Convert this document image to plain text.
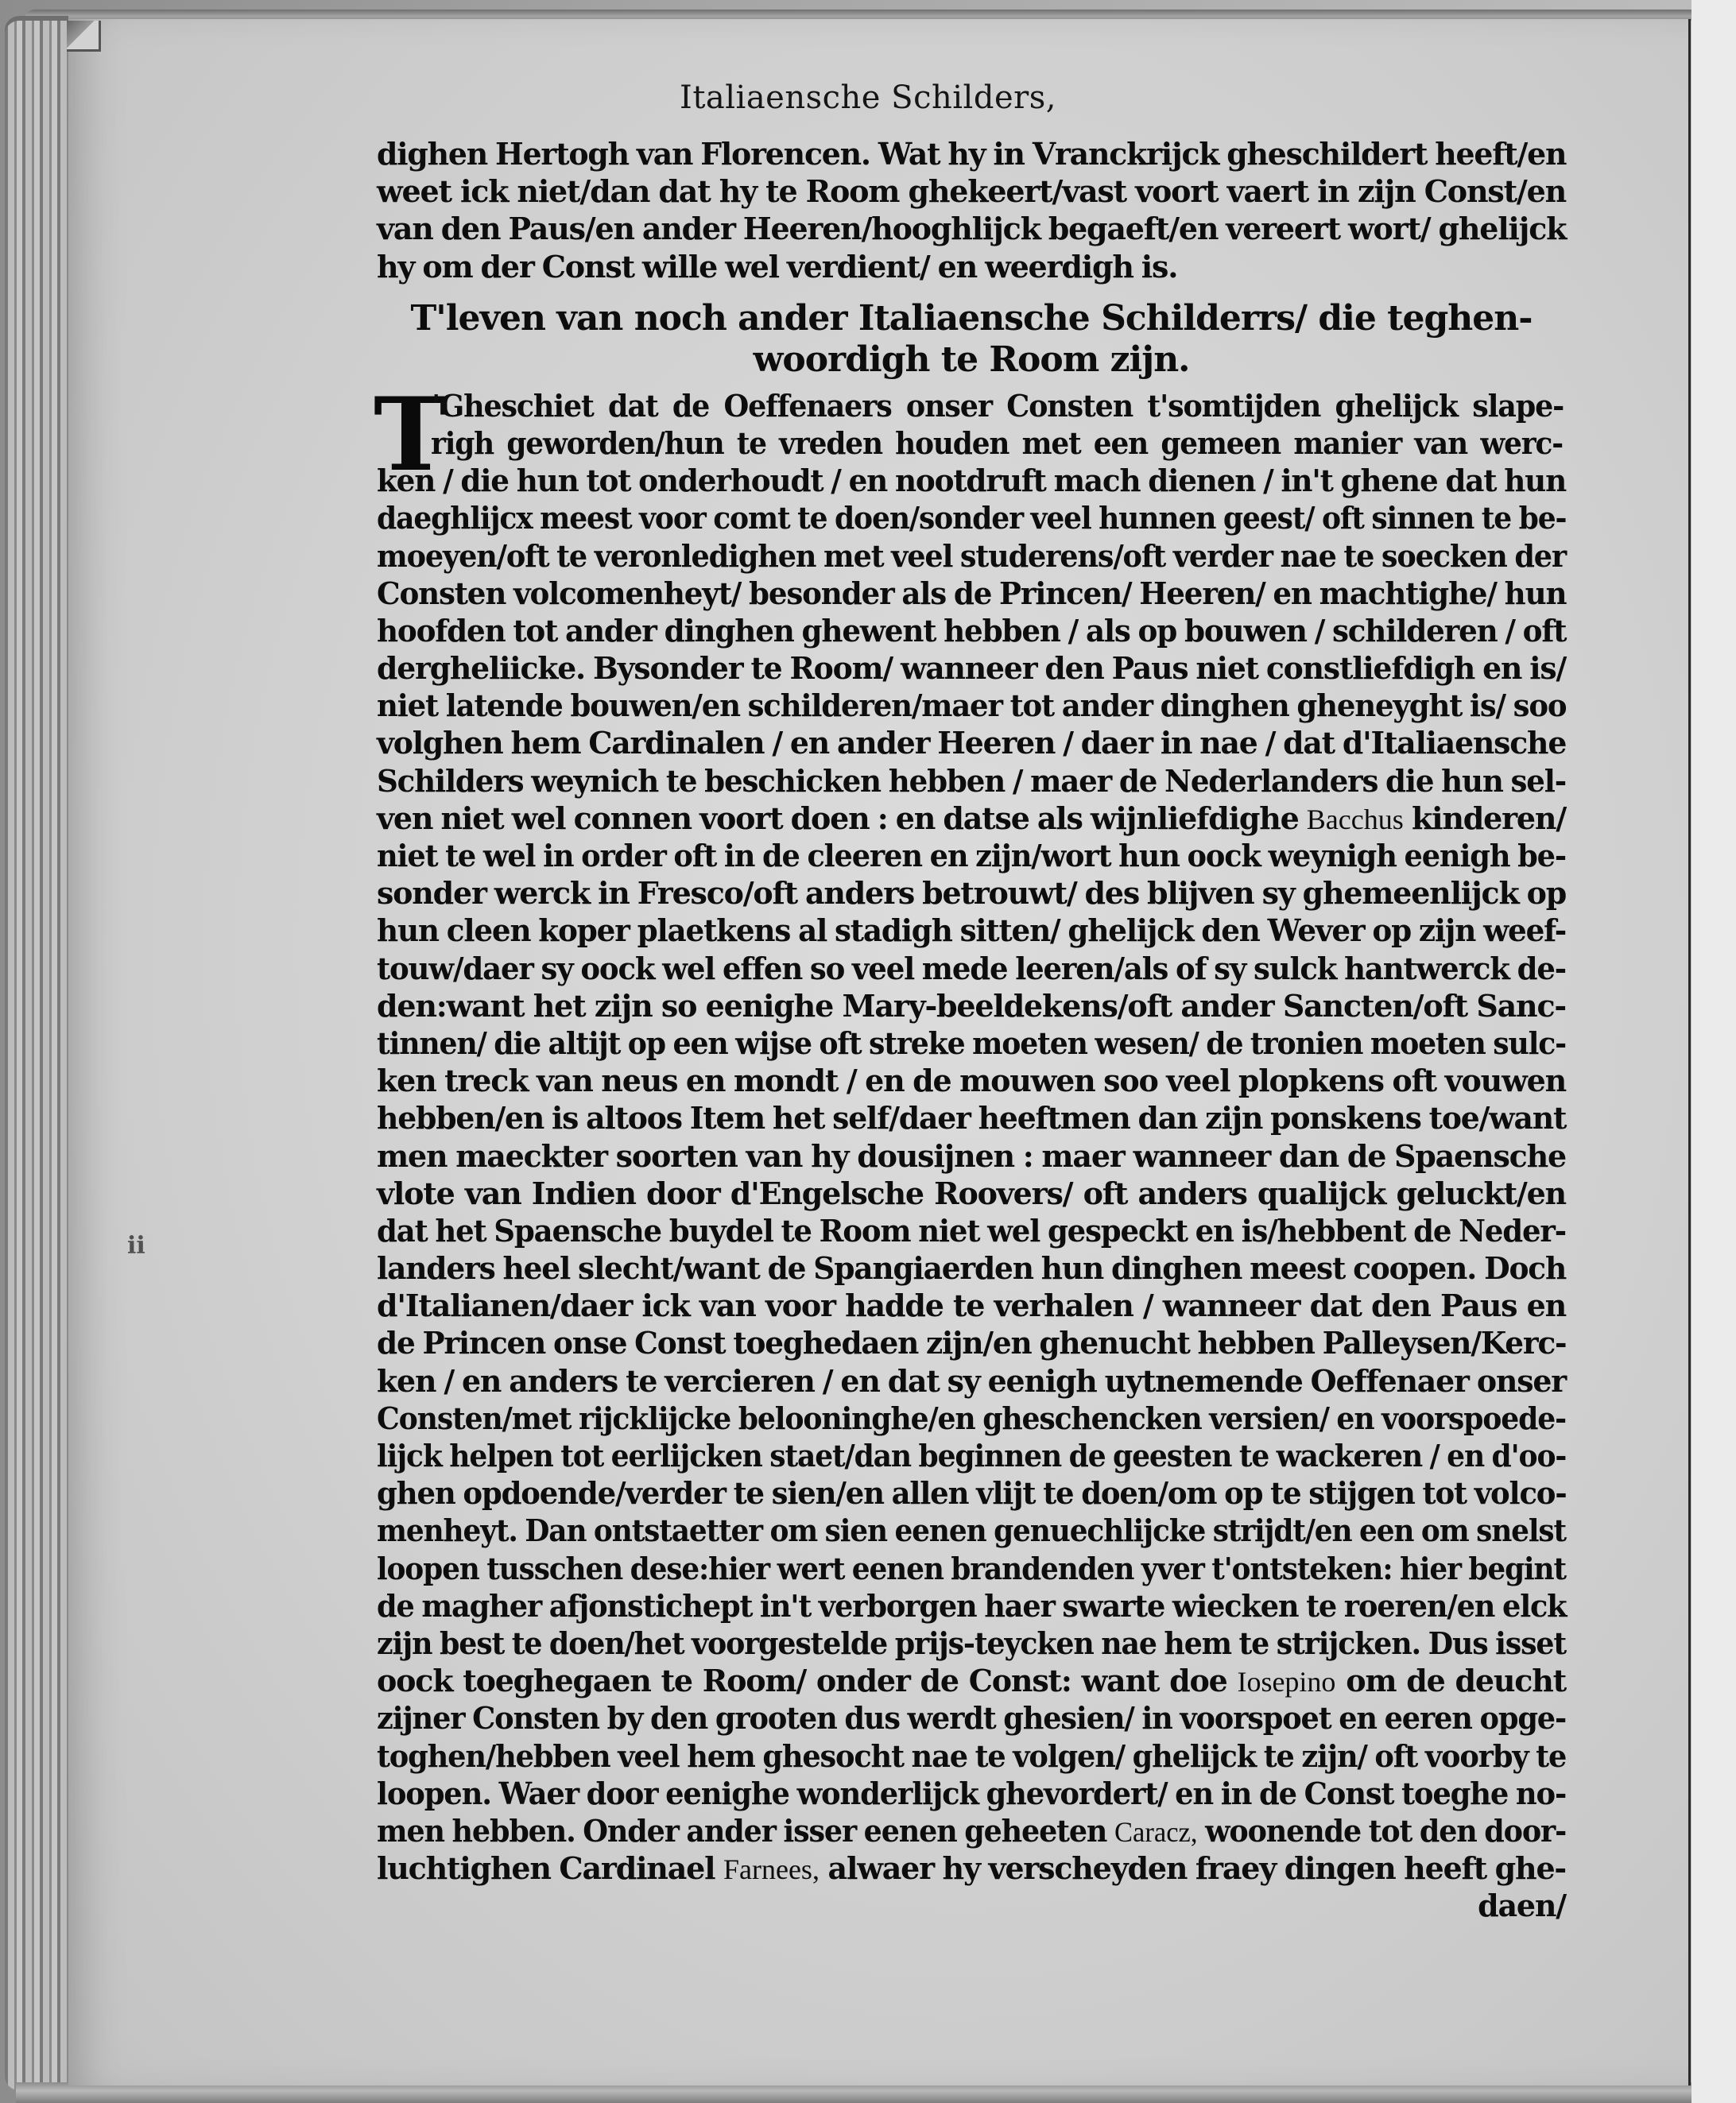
Italiaensche Schilders,
ii
dighen Hertogh van Florencen. Wat hy in Vranckrijck gheschildert heeft/en
weet ick niet/dan dat hy te Room ghekeert/vast voort vaert in zijn Const/en
van den Paus/en ander Heeren/hooghlijck begaeft/en vereert wort/ ghelijck
hy om der Const wille wel verdient/ en weerdigh is.
T'leven van noch ander Italiaensche Schilderrs/ die teghen-
woordigh te Room zijn.
T
'Gheschiet dat de Oeffenaers onser Consten t'somtijden ghelijck slape-
righ geworden/hun te vreden houden met een gemeen manier van werc-
ken / die hun tot onderhoudt / en nootdruft mach dienen / in't ghene dat hun
daeghlijcx meest voor comt te doen/sonder veel hunnen geest/ oft sinnen te be-
moeyen/oft te veronledighen met veel studerens/oft verder nae te soecken der
Consten volcomenheyt/ besonder als de Princen/ Heeren/ en machtighe/ hun
hoofden tot ander dinghen ghewent hebben / als op bouwen / schilderen / oft
dergheliicke. Bysonder te Room/ wanneer den Paus niet constliefdigh en is/
niet latende bouwen/en schilderen/maer tot ander dinghen gheneyght is/ soo
volghen hem Cardinalen / en ander Heeren / daer in nae / dat d'Italiaensche
Schilders weynich te beschicken hebben / maer de Nederlanders die hun sel-
ven niet wel connen voort doen : en datse als wijnliefdighe Bacchus kinderen/
niet te wel in order oft in de cleeren en zijn/wort hun oock weynigh eenigh be-
sonder werck in Fresco/oft anders betrouwt/ des blijven sy ghemeenlijck op
hun cleen koper plaetkens al stadigh sitten/ ghelijck den Wever op zijn weef-
touw/daer sy oock wel effen so veel mede leeren/als of sy sulck hantwerck de-
den:want het zijn so eenighe Mary-beeldekens/oft ander Sancten/oft Sanc-
tinnen/ die altijt op een wijse oft streke moeten wesen/ de tronien moeten sulc-
ken treck van neus en mondt / en de mouwen soo veel plopkens oft vouwen
hebben/en is altoos Item het self/daer heeftmen dan zijn ponskens toe/want
men maeckter soorten van hy dousijnen : maer wanneer dan de Spaensche
vlote van Indien door d'Engelsche Roovers/ oft anders qualijck geluckt/en
dat het Spaensche buydel te Room niet wel gespeckt en is/hebbent de Neder-
landers heel slecht/want de Spangiaerden hun dinghen meest coopen. Doch
d'Italianen/daer ick van voor hadde te verhalen / wanneer dat den Paus en
de Princen onse Const toeghedaen zijn/en ghenucht hebben Palleysen/Kerc-
ken / en anders te vercieren / en dat sy eenigh uytnemende Oeffenaer onser
Consten/met rijcklijcke belooninghe/en gheschencken versien/ en voorspoede-
lijck helpen tot eerlijcken staet/dan beginnen de geesten te wackeren / en d'oo-
ghen opdoende/verder te sien/en allen vlijt te doen/om op te stijgen tot volco-
menheyt. Dan ontstaetter om sien eenen genuechlijcke strijdt/en een om snelst
loopen tusschen dese:hier wert eenen brandenden yver t'ontsteken: hier begint
de magher afjonstichept in't verborgen haer swarte wiecken te roeren/en elck
zijn best te doen/het voorgestelde prijs-teycken nae hem te strijcken. Dus isset
oock toeghegaen te Room/ onder de Const: want doe Iosepino om de deucht
zijner Consten by den grooten dus werdt ghesien/ in voorspoet en eeren opge-
toghen/hebben veel hem ghesocht nae te volgen/ ghelijck te zijn/ oft voorby te
loopen. Waer door eenighe wonderlijck ghevordert/ en in de Const toeghe no-
men hebben. Onder ander isser eenen geheeten Caracz, woonende tot den door-
luchtighen Cardinael Farnees, alwaer hy verscheyden fraey dingen heeft ghe-
daen/
